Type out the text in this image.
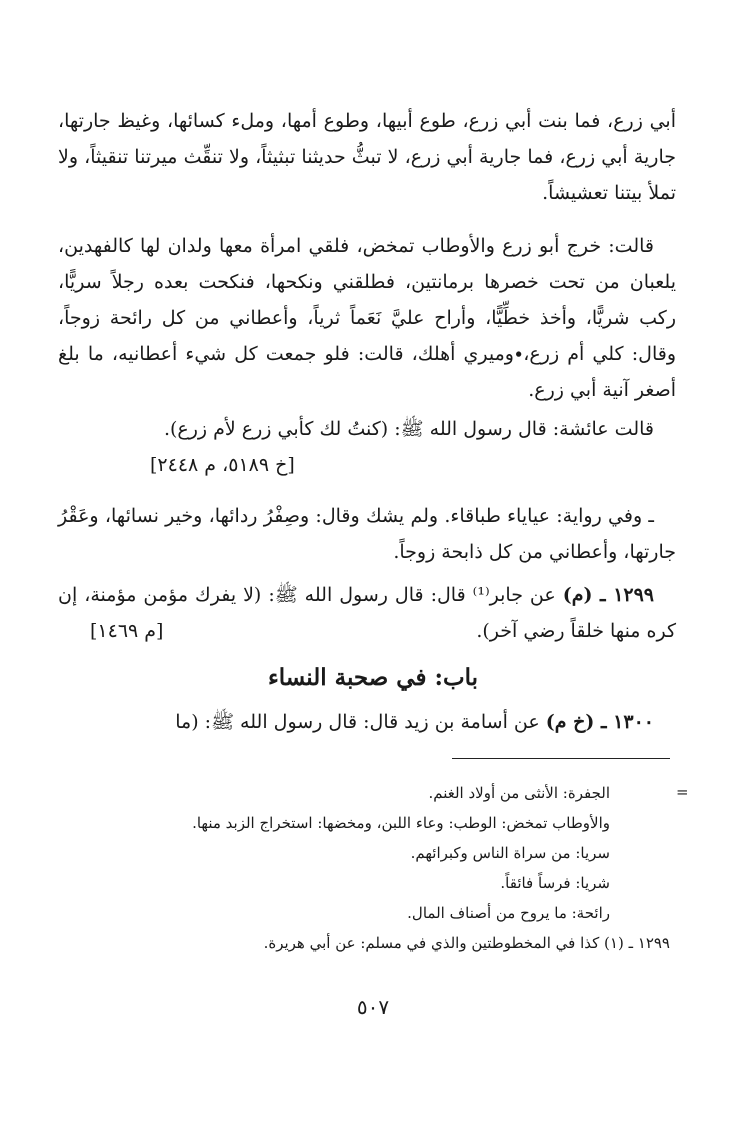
أبي زرع، فما بنت أبي زرع، طوع أبيها، وطوع أمها، وملء كسائها، وغيظ جارتها، جارية أبي زرع، فما جارية أبي زرع، لا تبثُّ حديثنا تبثيثاً، ولا تنقِّث ميرتنا تنقيثاً، ولا تملأ بيتنا تعشيشاً.

قالت: خرج أبو زرع والأوطاب تمخض، فلقي امرأة معها ولدان لها كالفهدين، يلعبان من تحت خصرها برمانتين، فطلقني ونكحها، فنكحت بعده رجلاً سريًّا، ركب شريًّا، وأخذ خطِّيًّا، وأراح عليَّ نَعَماً ثرياً، وأعطاني من كل رائحة زوجاً، وقال: كلي أم زرع،∙وميري أهلك، قالت: فلو جمعت كل شيء أعطانيه، ما بلغ أصغر آنية أبي زرع.

قالت عائشة: قال رسول الله ﷺ: (كنتُ لك كأبي زرع لأم زرع).

[خ ٥١٨٩، م ٢٤٤٨]

ـ وفي رواية: عياياء طباقاء. ولم يشك وقال: وصِفْرُ ردائها، وخير نسائها، وعَقْرُ جارتها، وأعطاني من كل ذابحة زوجاً.

١٢٩٩ ـ (م) عن جابر⁽¹⁾ قال: قال رسول الله ﷺ: (لا يفرك مؤمن مؤمنة، إن كره منها خلقاً رضي آخر).

[م ١٤٦٩]
باب: في صحبة النساء

١٣٠٠ ـ (خ م) عن أسامة بن زيد قال: قال رسول الله ﷺ: (ما

=

الجفرة: الأنثى من أولاد الغنم.

والأوطاب تمخض: الوطب: وعاء اللبن، ومخضها: استخراج الزبد منها.

سريا: من سراة الناس وكبرائهم.

شريا: فرساً فائقاً.

رائحة: ما يروح من أصناف المال.

١٢٩٩ ـ (١) كذا في المخطوطتين والذي في مسلم: عن أبي هريرة.

٥٠٧
